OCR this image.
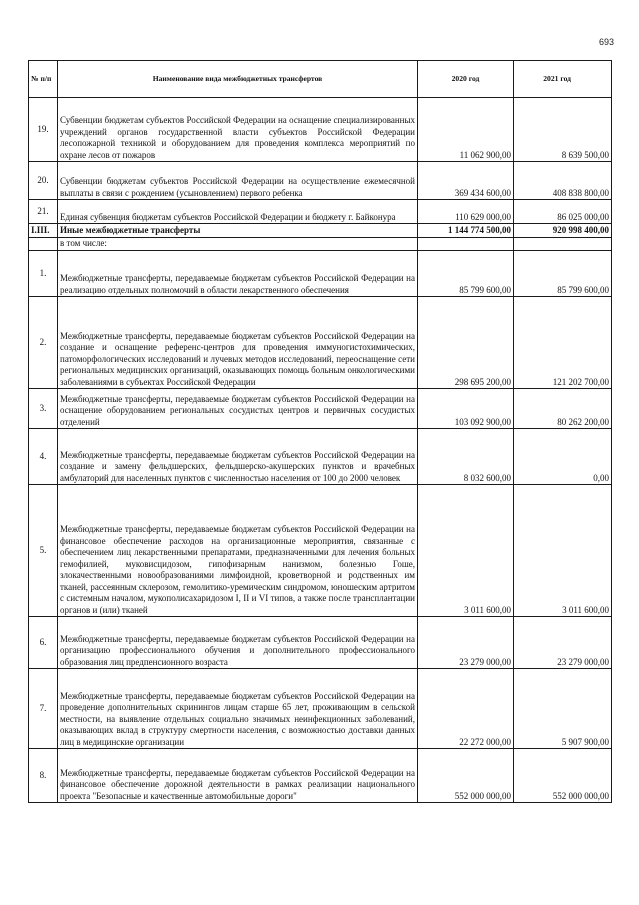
693
№ п/п	Наименование вида межбюджетных трансфертов	2020 год	2021 год
19.	Субвенции бюджетам субъектов Российской Федерации на оснащение специализированных учреждений органов государственной власти субъектов Российской Федерации лесопожарной техникой и оборудованием для проведения комплекса мероприятий по охране лесов от пожаров	11 062 900,00	8 639 500,00
20.	Субвенции бюджетам субъектов Российской Федерации на осуществление ежемесячной выплаты в связи с рождением (усыновлением) первого ребенка	369 434 600,00	408 838 800,00
21.	Единая субвенция бюджетам субъектов Российской Федерации и бюджету г. Байконура	110 629 000,00	86 025 000,00
I.III.	Иные межбюджетные трансферты	1 144 774 500,00	920 998 400,00
	в том числе:		
1.	Межбюджетные трансферты, передаваемые бюджетам субъектов Российской Федерации на реализацию отдельных полномочий в области лекарственного обеспечения	85 799 600,00	85 799 600,00
2.	Межбюджетные трансферты, передаваемые бюджетам субъектов Российской Федерации на создание и оснащение референс-центров для проведения иммуногистохимических, патоморфологических исследований и лучевых методов исследований, переоснащение сети региональных медицинских организаций, оказывающих помощь больным онкологическими заболеваниями в субъектах Российской Федерации	298 695 200,00	121 202 700,00
3.	Межбюджетные трансферты, передаваемые бюджетам субъектов Российской Федерации на оснащение оборудованием региональных сосудистых центров и первичных сосудистых отделений	103 092 900,00	80 262 200,00
4.	Межбюджетные трансферты, передаваемые бюджетам субъектов Российской Федерации на создание и замену фельдшерских, фельдшерско-акушерских пунктов и врачебных амбулаторий для населенных пунктов с численностью населения от 100 до 2000 человек	8 032 600,00	0,00
5.	Межбюджетные трансферты, передаваемые бюджетам субъектов Российской Федерации на финансовое обеспечение расходов на организационные мероприятия, связанные с обеспечением лиц лекарственными препаратами, предназначенными для лечения больных гемофилией, муковисцидозом, гипофизарным нанизмом, болезнью Гоше, злокачественными новообразованиями лимфоидной, кроветворной и родственных им тканей, рассеянным склерозом, гемолитико-уремическим синдромом, юношеским артритом с системным началом, мукополисахаридозом I, II и VI типов, а также после трансплантации органов и (или) тканей	3 011 600,00	3 011 600,00
6.	Межбюджетные трансферты, передаваемые бюджетам субъектов Российской Федерации на организацию профессионального обучения и дополнительного профессионального образования лиц предпенсионного возраста	23 279 000,00	23 279 000,00
7.	Межбюджетные трансферты, передаваемые бюджетам субъектов Российской Федерации на проведение дополнительных скринингов лицам старше 65 лет, проживающим в сельской местности, на выявление отдельных социально значимых неинфекционных заболеваний, оказывающих вклад в структуру смертности населения, с возможностью доставки данных лиц в медицинские организации	22 272 000,00	5 907 900,00
8.	Межбюджетные трансферты, передаваемые бюджетам субъектов Российской Федерации на финансовое обеспечение дорожной деятельности в рамках реализации национального проекта "Безопасные и качественные автомобильные дороги"	552 000 000,00	552 000 000,00
